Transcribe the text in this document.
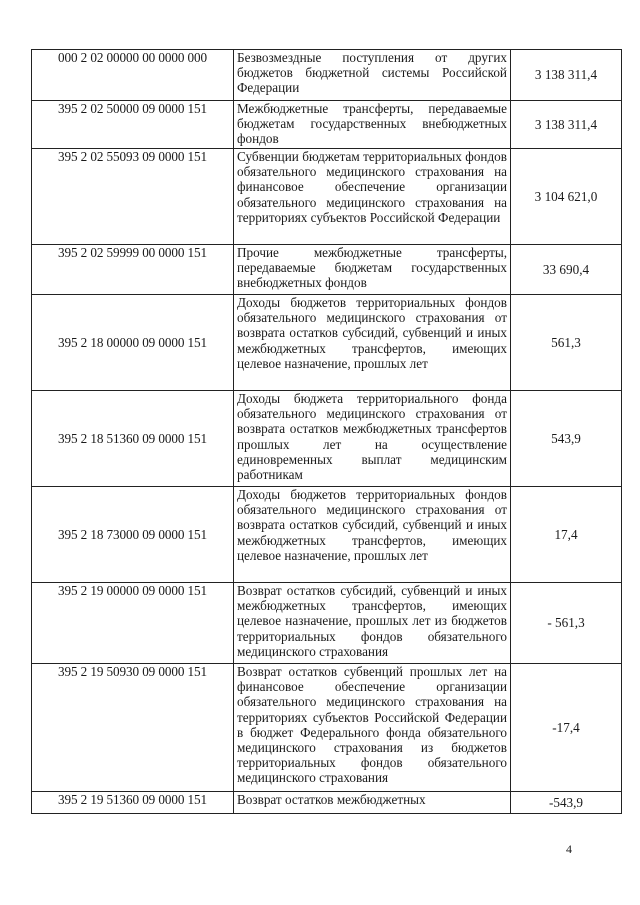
000 2 02 00000 00 0000 000	Безвозмездные поступления от других бюджетов бюджетной системы Российской Федерации	3 138 311,4
395 2 02 50000 09 0000 151	Межбюджетные трансферты, передаваемые бюджетам государственных внебюджетных фондов	3 138 311,4
395 2 02 55093 09 0000 151	Субвенции бюджетам территориальных фондов обязательного медицинского страхования на финансовое обеспечение организации обязательного медицинского страхования на территориях субъектов Российской Федерации	3 104 621,0
395 2 02 59999 00 0000 151	Прочие межбюджетные трансферты, передаваемые бюджетам государственных внебюджетных фондов	33 690,4
395 2 18 00000 09 0000 151	Доходы бюджетов территориальных фондов обязательного медицинского страхования от возврата остатков субсидий, субвенций и иных межбюджетных трансфертов, имеющих целевое назначение, прошлых лет	561,3
395 2 18 51360 09 0000 151	Доходы бюджета территориального фонда обязательного медицинского страхования от возврата остатков межбюджетных трансфертов прошлых лет на осуществление единовременных выплат медицинским работникам	543,9
395 2 18 73000 09 0000 151	Доходы бюджетов территориальных фондов обязательного медицинского страхования от возврата остатков субсидий, субвенций и иных межбюджетных трансфертов, имеющих целевое назначение, прошлых лет	17,4
395 2 19 00000 09 0000 151	Возврат остатков субсидий, субвенций и иных межбюджетных трансфертов, имеющих целевое назначение, прошлых лет из бюджетов территориальных фондов обязательного медицинского страхования	- 561,3
395 2 19 50930 09 0000 151	Возврат остатков субвенций прошлых лет на финансовое обеспечение организации обязательного медицинского страхования на территориях субъектов Российской Федерации в бюджет Федерального фонда обязательного медицинского страхования из бюджетов территориальных фондов обязательного медицинского страхования	-17,4
395 2 19 51360 09 0000 151	Возврат остатков межбюджетных	-543,9
4
